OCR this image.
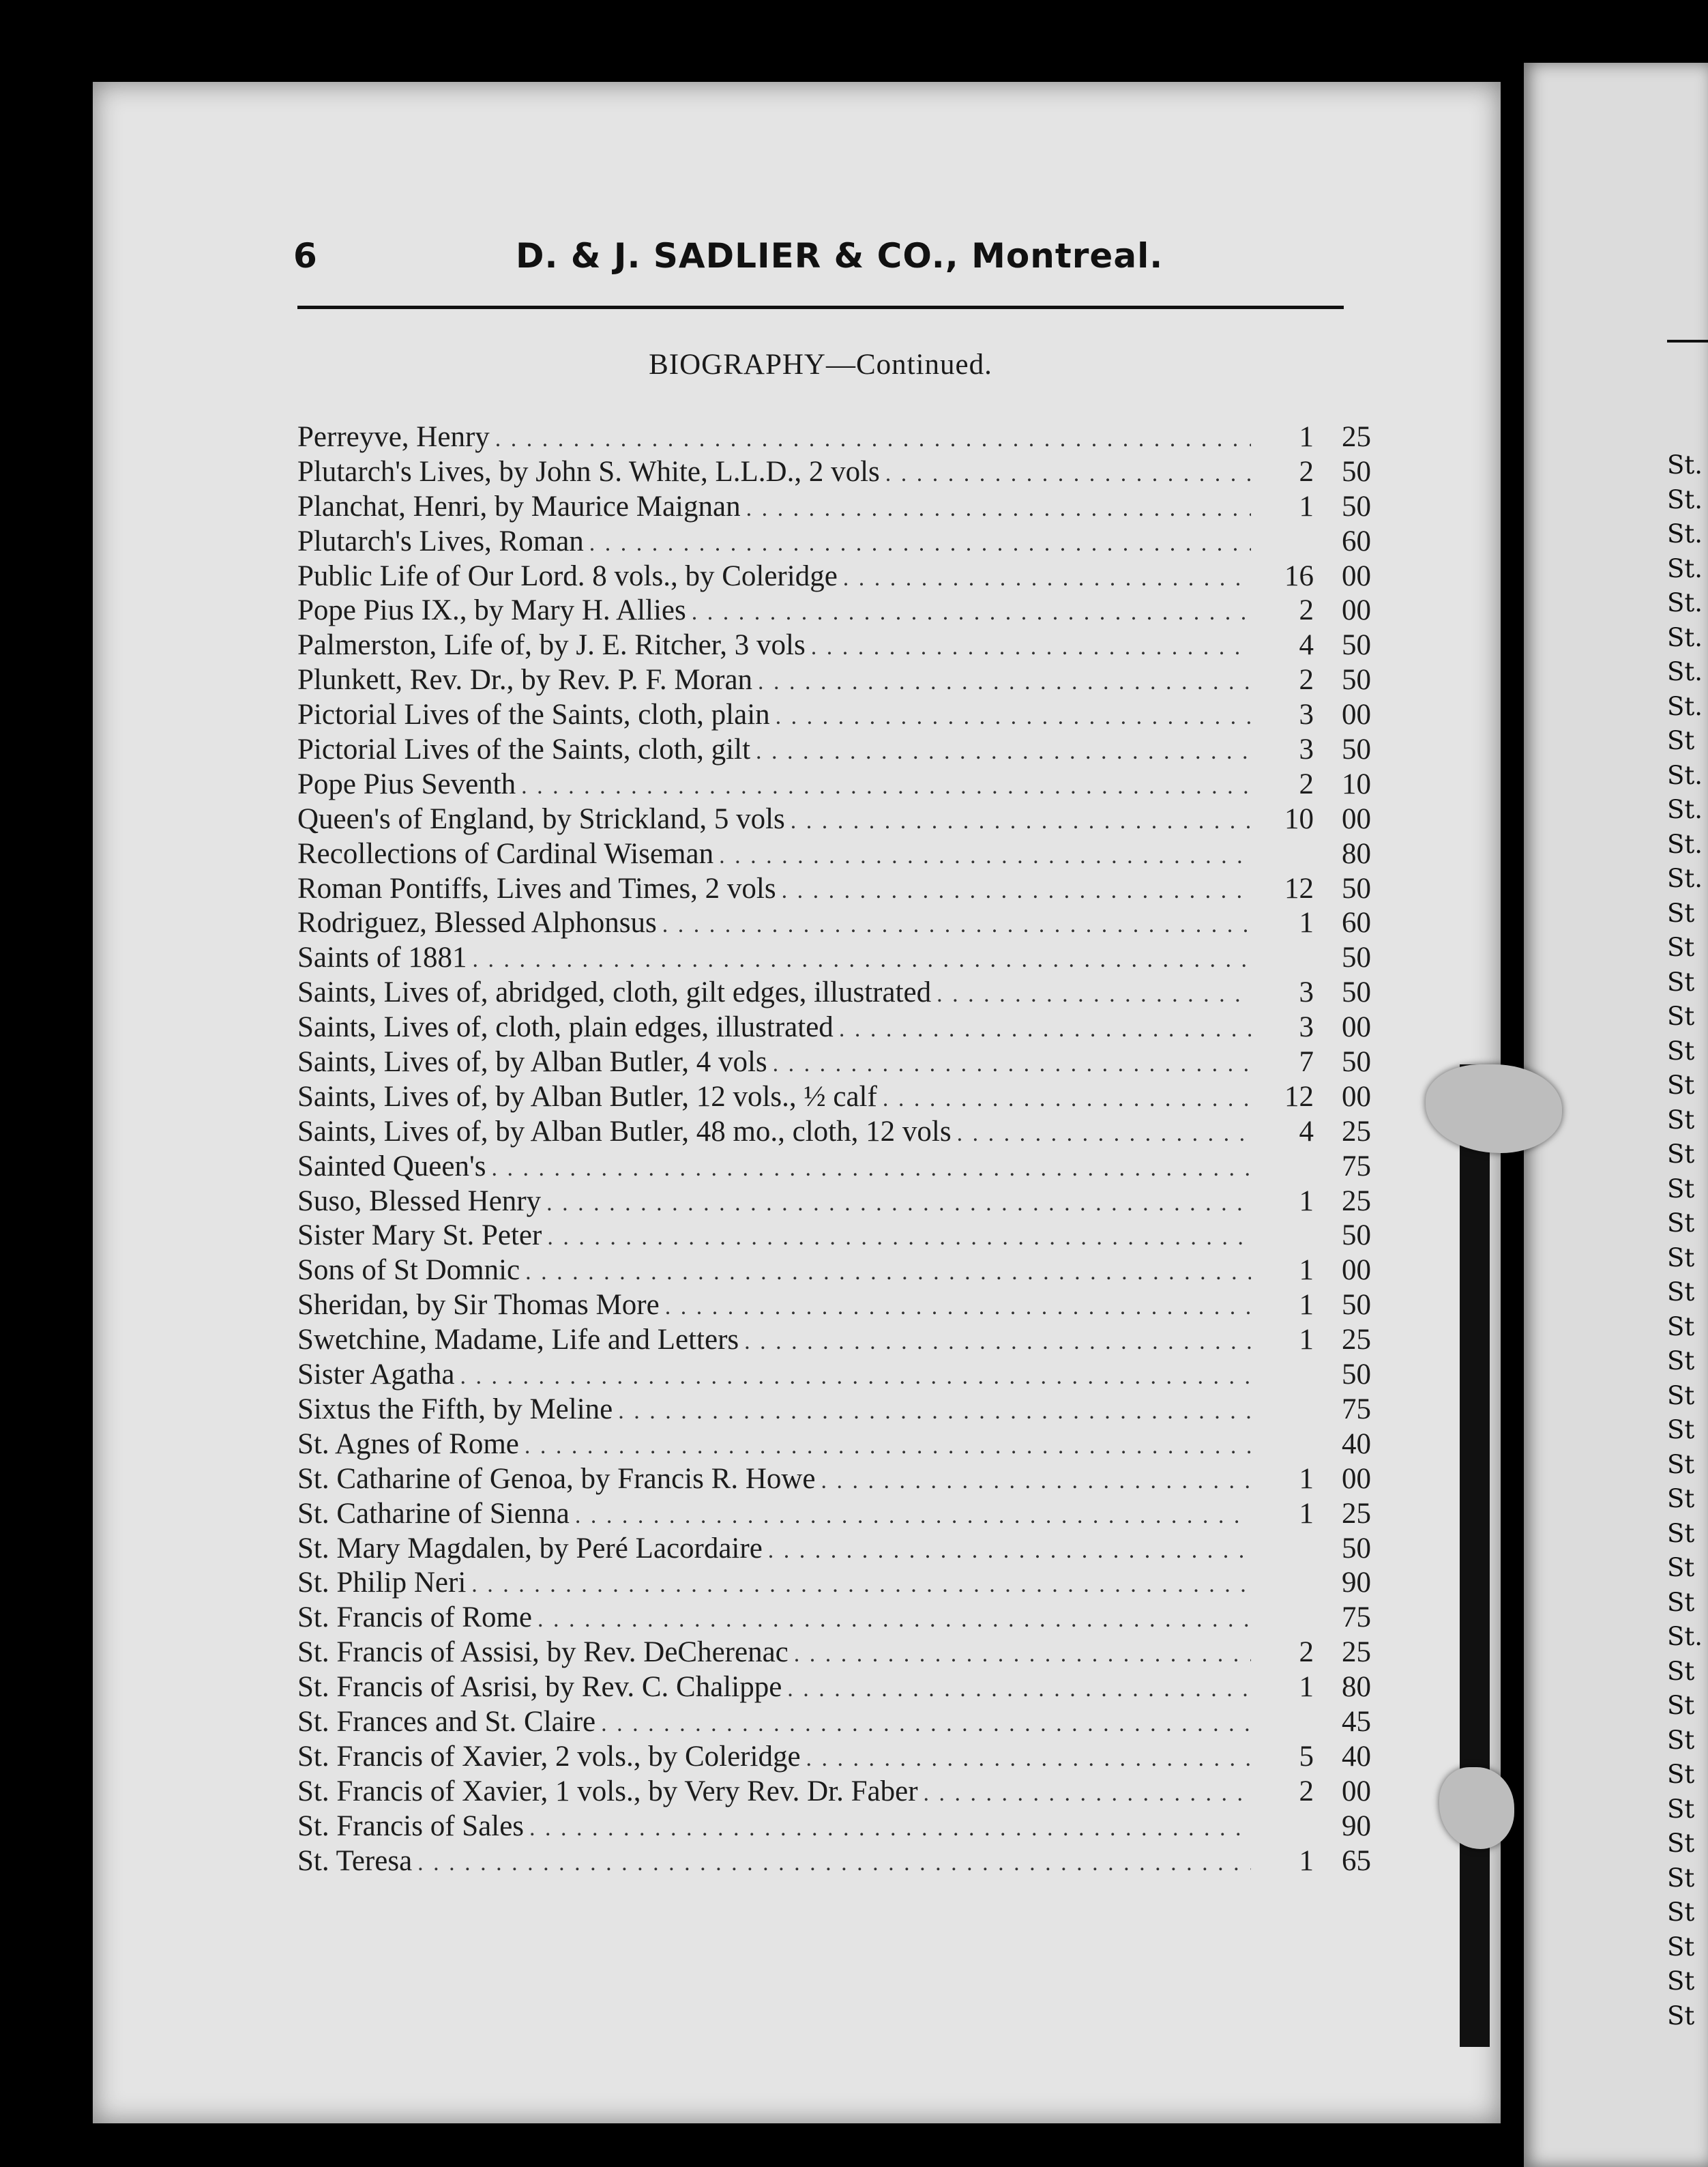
St.
St.
St.
St.
St.
St.
St.
St.
St
St.
St.
St.
St.
St
St
St
St
St
St
St
St
St
St
St
St
St
St
St
St
St
St
St
St
St
St.
St
St
St
St
St
St
St
St
St
St
St
6	D. & J. SADLIER & CO., Montreal.
BIOGRAPHY—Continued.
Perreyve, Henry . . .	1 25
Plutarch's Lives, by John S. White, L.L.D., 2 vols . . .	2 50
Planchat, Henri, by Maurice Maignan . . .	1 50
Plutarch's Lives, Roman . . .	60
Public Life of Our Lord. 8 vols., by Coleridge . . .	16 00
Pope Pius IX., by Mary H. Allies . . .	2 00
Palmerston, Life of, by J. E. Ritcher, 3 vols . . .	4 50
Plunkett, Rev. Dr., by Rev. P. F. Moran . . .	2 50
Pictorial Lives of the Saints, cloth, plain . . .	3 00
Pictorial Lives of the Saints, cloth, gilt . . .	3 50
Pope Pius Seventh . . .	2 10
Queen's of England, by Strickland, 5 vols . . .	10 00
Recollections of Cardinal Wiseman . . .	80
Roman Pontiffs, Lives and Times, 2 vols . . .	12 50
Rodriguez, Blessed Alphonsus . . .	1 60
Saints of 1881 . . .	50
Saints, Lives of, abridged, cloth, gilt edges, illustrated . . .	3 50
Saints, Lives of, cloth, plain edges, illustrated . . .	3 00
Saints, Lives of, by Alban Butler, 4 vols . . .	7 50
Saints, Lives of, by Alban Butler, 12 vols., ½ calf . . .	12 00
Saints, Lives of, by Alban Butler, 48 mo., cloth, 12 vols . . .	4 25
Sainted Queen's . . .	75
Suso, Blessed Henry . . .	1 25
Sister Mary St. Peter . . .	50
Sons of St Domnic . . .	1 00
Sheridan, by Sir Thomas More . . .	1 50
Swetchine, Madame, Life and Letters . . .	1 25
Sister Agatha . . .	50
Sixtus the Fifth, by Meline . . .	75
St. Agnes of Rome . . .	40
St. Catharine of Genoa, by Francis R. Howe . . .	1 00
St. Catharine of Sienna . . .	1 25
St. Mary Magdalen, by Peré Lacordaire . . .	50
St. Philip Neri . . .	90
St. Francis of Rome . . .	75
St. Francis of Assisi, by Rev. DeCherenac . . .	2 25
St. Francis of Asrisi, by Rev. C. Chalippe . . .	1 80
St. Frances and St. Claire . . .	45
St. Francis of Xavier, 2 vols., by Coleridge . . .	5 40
St. Francis of Xavier, 1 vols., by Very Rev. Dr. Faber . . .	2 00
St. Francis of Sales . . .	90
St. Teresa . . .	1 65
